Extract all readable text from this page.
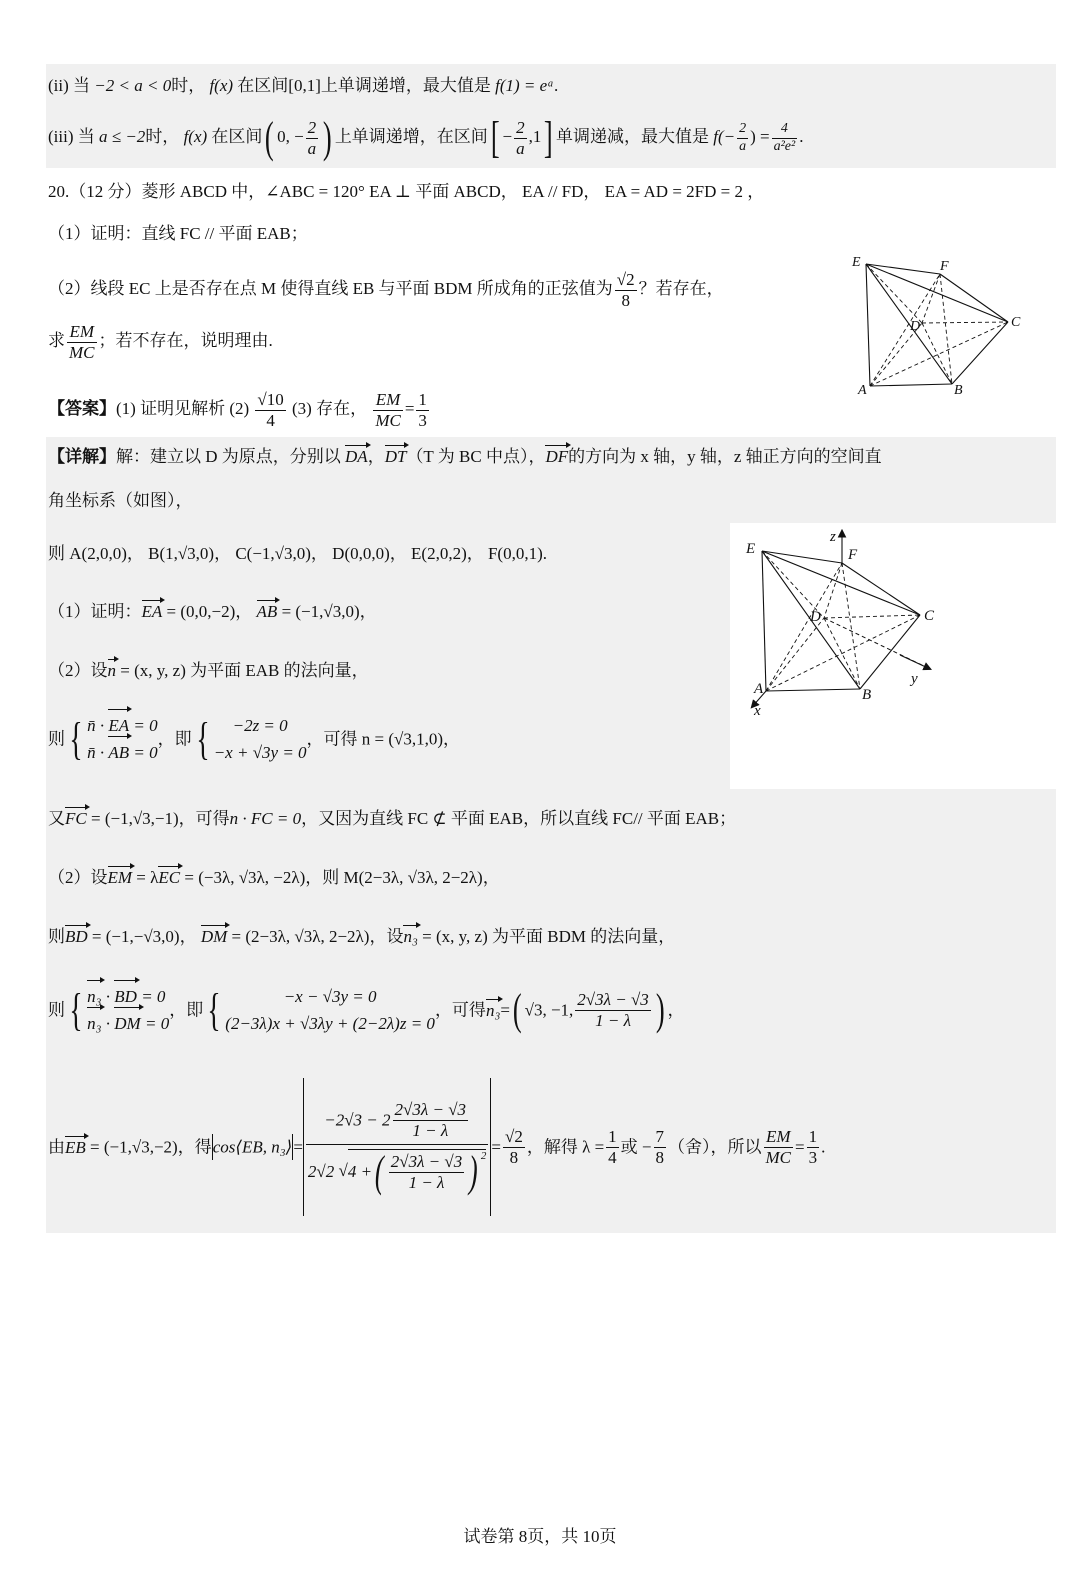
(ii) 当 −2 < a < 0时， f(x) 在区间[0,1]上单调递增，最大值是 f(1) = eᵃ.
(iii) 当 a ≤ −2时， f(x) 在区间( 0, − $\frac{2}{a}$ ) 上单调递增，在区间[ − $\frac{2}{a} ,1$] 单调递减，最大值是 $f(- \frac{2}{a}$ ) = $\frac{4}{\text{a²e²}}$ .
20.（12 分）菱形 ABCD 中，∠ABC = 120° EA ⊥ 平面 ABCD， EA // FD， EA = AD = 2FD = 2 ，
（1）证明：直线 FC // 平面 EAB；
（2）线段 EC 上是否存在点 M 使得直线 EB 与平面 BDM 所成角的正弦值为 $\frac{√2}{8}$ ？若存在，
求 $\frac{EM}{MC}$ ；若不存在，说明理由.
E	F
D	C
A	B
【答案】(1) 证明见解析 $(2) \frac{√10}{4} (3)$ 存在， $\frac{EM}{MC} = \frac{1}{3}$
【详解】解：建立以 D 为原点，分别以 DA，DT（T 为 BC 中点），DF的方向为 x 轴，y 轴，z 轴正方向的空间直
角坐标系（如图），
则 A(2,0,0)， B(1,√3,0)， C(−1,√3,0)， D(0,0,0)， E(2,0,2)， F(0,0,1).
（1）证明：EA = (0,0,−2)， AB = (−1,√3,0)，
（2）设n = (x, y, z) 为平面 EAB 的法向量，
则{ n̄ · EA = 0
n̄ · AB = 0
，即{	−2z = 0
−x + √3y = 0
，可得 n = (√3,1,0)，
E	F
z
D	C
A	B
y
x
又FC = (−1,√3,−1)，可得n · FC = 0，又因为直线 FC ⊄ 平面 EAB，所以直线 FC// 平面 EAB；
（2）设EM = λEC = (−3λ, √3λ, −2λ)，则 M(2−3λ, √3λ, 2−2λ)，
则BD = (−1,−√3,0)， DM = (2−3λ, √3λ, 2−2λ)，设n₃ = (x, y, z) 为平面 BDM 的法向量，
则{ n₃ · BD = 0
n₃ · DM = 0
，即{	−x − √3y = 0
(2−3λ)x + √3λy + (2−2λ)z = 0
，可得n₃=( √3, −1, $\frac{2√3\lambda - √3}{1 - \lambda}$ ) ，
由EB = (−1,√3,−2)，得cos⟨EB, n₃⟩= $\frac{-2√3 - 2 \frac{2√3\lambda - √3}{1 - \lambda}}{2√2 √4 +( \frac{2√3\lambda - √3}{1 - \lambda} ) ^2} = \frac{√2}{8}$ ，解得 $\lambda = \frac{1}{4}$ 或 − $\frac{7}{8}$ （舍），所以 $\frac{EM}{MC} = \frac{1}{3}$ .
试卷第 8页，共 10页
